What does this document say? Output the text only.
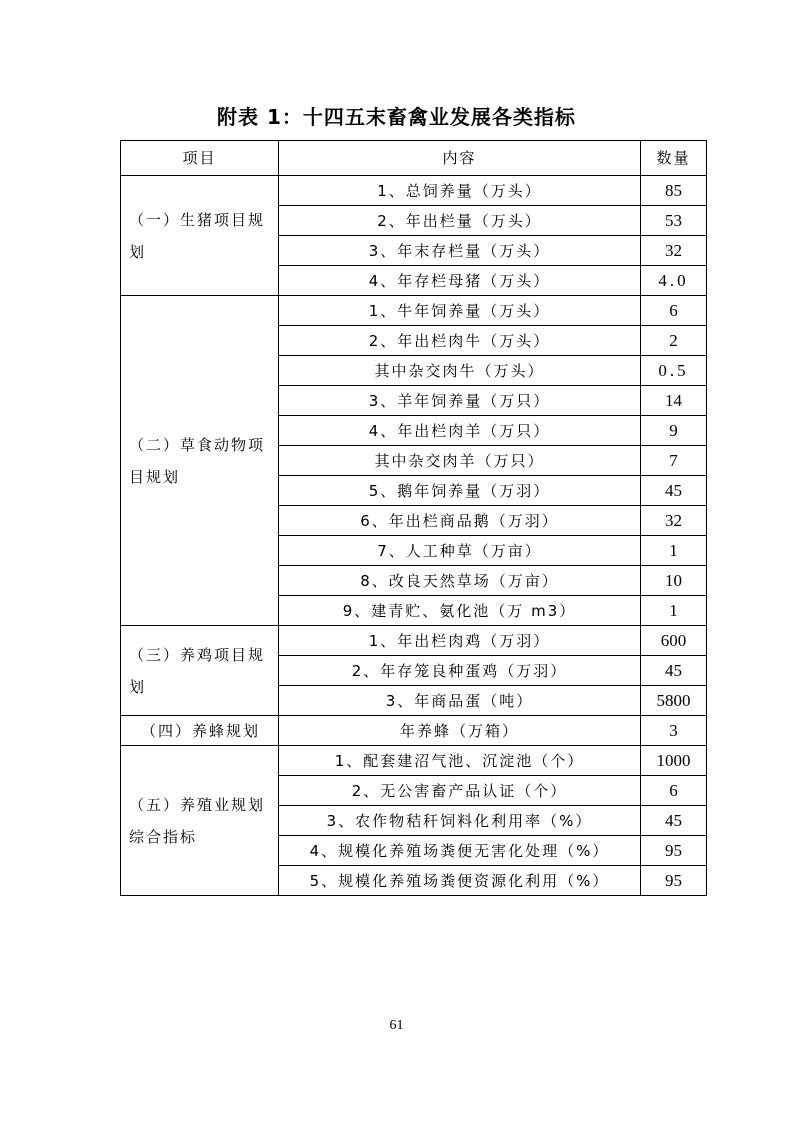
附表 1：十四五末畜禽业发展各类指标
项目	内容	数量
（一）生猪项目规划	1、总饲养量（万头）	85
	2、年出栏量（万头）	53
	3、年末存栏量（万头）	32
	4、年存栏母猪（万头）	4.0
（二）草食动物项目规划	1、牛年饲养量（万头）	6
	2、年出栏肉牛（万头）	2
	其中杂交肉牛（万头）	0.5
	3、羊年饲养量（万只）	14
	4、年出栏肉羊（万只）	9
	其中杂交肉羊（万只）	7
	5、鹅年饲养量（万羽）	45
	6、年出栏商品鹅（万羽）	32
	7、人工种草（万亩）	1
	8、改良天然草场（万亩）	10
	9、建青贮、氨化池（万 m3）	1
（三）养鸡项目规划	1、年出栏肉鸡（万羽）	600
	2、年存笼良种蛋鸡（万羽）	45
	3、年商品蛋（吨）	5800
（四）养蜂规划	年养蜂（万箱）	3
（五）养殖业规划综合指标	1、配套建沼气池、沉淀池（个）	1000
	2、无公害畜产品认证（个）	6
	3、农作物秸秆饲料化利用率（%）	45
	4、规模化养殖场粪便无害化处理（%）	95
	5、规模化养殖场粪便资源化利用（%）	95
61
